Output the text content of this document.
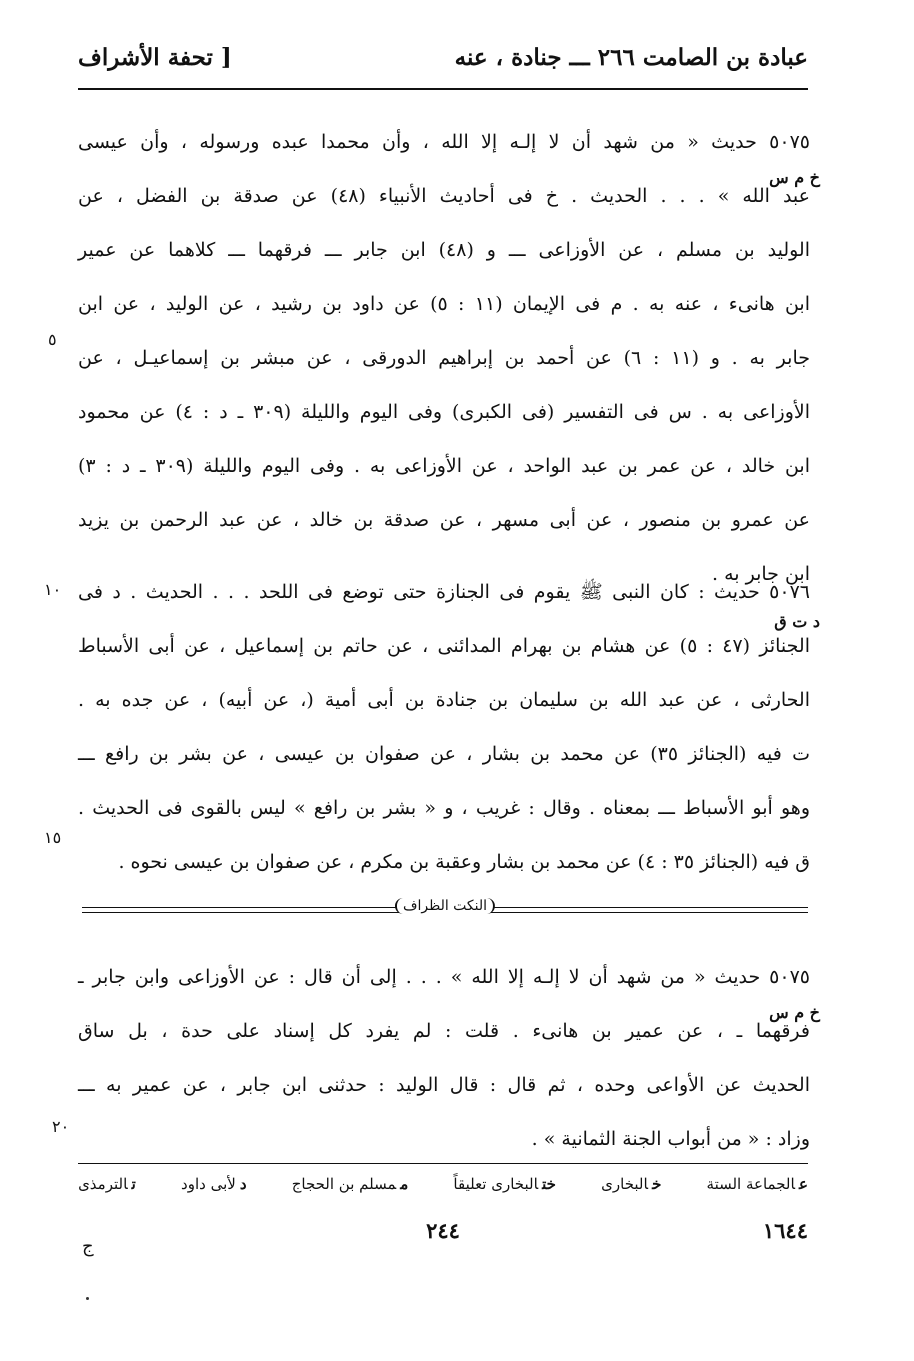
عبادة بن الصامت ٢٦٦ ـــ جنادة ، عنه
[ تحفة الأشراف
٥٠٧٥ حديث « من شهد أن لا إلـه إلا الله ، وأن محمدا عبده ورسوله ، وأن عيسى
عبد الله » . . . الحديث . خ فى أحاديث الأنبياء (٤٨) عن صدقة بن الفضل ، عن
الوليد بن مسلم ، عن الأوزاعى ـــ و (٤٨) ابن جابر ـــ فرقهما ـــ كلاهما عن عمير
ابن هانىء ، عنه به . م فى الإيمان (١١ : ٥) عن داود بن رشيد ، عن الوليد ، عن ابن
جابر به . و (١١ : ٦) عن أحمد بن إبراهيم الدورقى ، عن مبشر بن إسماعيـل ، عن
الأوزاعى به . س فى التفسير (فى الكبرى) وفى اليوم والليلة (٣٠٩ ـ د : ٤) عن محمود
ابن خالد ، عن عمر بن عبد الواحد ، عن الأوزاعى به . وفى اليوم والليلة (٣٠٩ ـ د : ٣)
عن عمرو بن منصور ، عن أبى مسهر ، عن صدقة بن خالد ، عن عبد الرحمن بن يزيد
ابن جابر به .
خ م س
٥
٥٠٧٦ حديث : كان النبى ﷺ يقوم فى الجنازة حتى توضع فى اللحد . . . الحديث . د فى
الجنائز (٤٧ : ٥) عن هشام بن بهرام المدائنى ، عن حاتم بن إسماعيل ، عن أبى الأسباط
الحارثى ، عن عبد الله بن سليمان بن جنادة بن أبى أمية (، عن أبيه) ، عن جده به .
ت فيه (الجنائز ٣٥) عن محمد بن بشار ، عن صفوان بن عيسى ، عن بشر بن رافع ـــ
وهو أبو الأسباط ـــ بمعناه . وقال : غريب ، و « بشر بن رافع » ليس بالقوى فى الحديث .
ق فيه (الجنائز ٣٥ : ٤) عن محمد بن بشار وعقبة بن مكرم ، عن صفوان بن عيسى نحوه .
د ت ق
١٠
١٥
النكت الظراف
٥٠٧٥ حديث « من شهد أن لا إلـه إلا الله » . . . إلى أن قال : عن الأوزاعى وابن جابر ـ
فرقهما ـ ، عن عمير بن هانىء . قلت : لم يفرد كل إسناد على حدة ، بل ساق
الحديث عن الأواعى وحده ، ثم قال : قال الوليد : حدثنى ابن جابر ، عن عمير به ـــ
وزاد : « من أبواب الجنة الثمانية » .
خ م س
٢٠
عالجماعة الستة
خالبخارى
ختالبخارى تعليقاً
ممسلم بن الحجاج
دلأبى داود
تالترمذى
١٦٤٤
٢٤٤
ج
